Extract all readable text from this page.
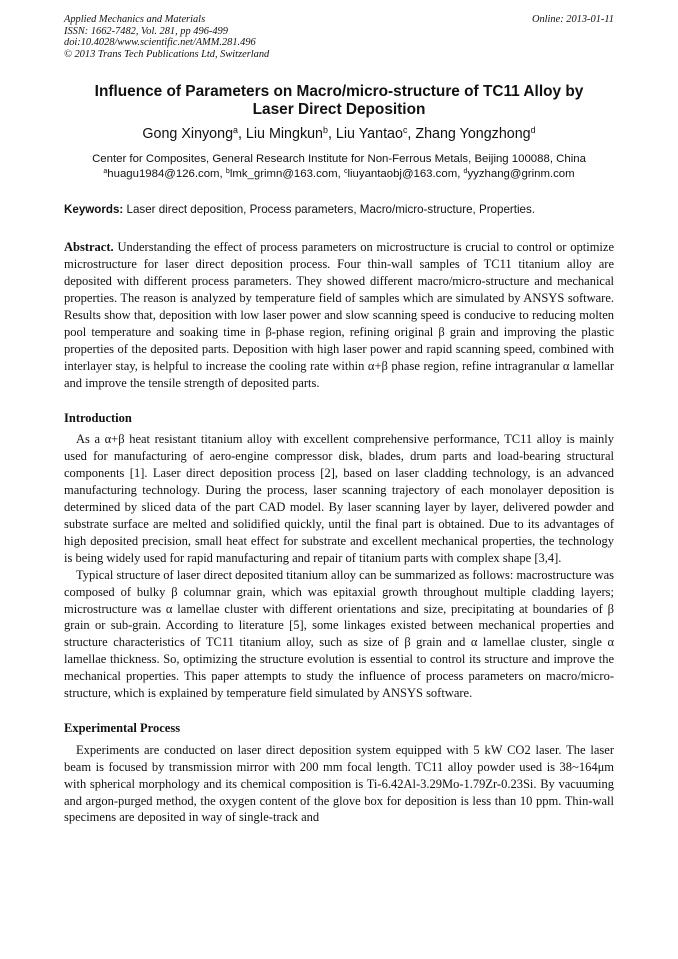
Applied Mechanics and Materials
ISSN: 1662-7482, Vol. 281, pp 496-499
doi:10.4028/www.scientific.net/AMM.281.496
© 2013 Trans Tech Publications Ltd, Switzerland
Online: 2013-01-11
Influence of Parameters on Macro/micro-structure of TC11 Alloy by
Laser Direct Deposition
Gong Xinyong$^a$, Liu Mingkun$^b$, Liu Yantao$^c$, Zhang Yongzhong$^d$
Center for Composites, General Research Institute for Non-Ferrous Metals, Beijing 100088, China
$^a$huagu1984@126.com, $^b$lmk_grimn@163.com, $^c$liuyantaobj@163.com, $^d$yyzhang@grinm.com
Keywords: Laser direct deposition, Process parameters, Macro/micro-structure, Properties.

Abstract. Understanding the effect of process parameters on microstructure is crucial to control or optimize microstructure for laser direct deposition process. Four thin-wall samples of TC11 titanium alloy are deposited with different process parameters. They showed different macro/micro-structure and mechanical properties. The reason is analyzed by temperature field of samples which are simulated by ANSYS software. Results show that, deposition with low laser power and slow scanning speed is conducive to reducing molten pool temperature and soaking time in β-phase region, refining original β grain and improving the plastic properties of the deposited parts. Deposition with high laser power and rapid scanning speed, combined with interlayer stay, is helpful to increase the cooling rate within α+β phase region, refine intragranular α lamellar and improve the tensile strength of deposited parts.

Introduction

As a α+β heat resistant titanium alloy with excellent comprehensive performance, TC11 alloy is mainly used for manufacturing of aero-engine compressor disk, blades, drum parts and load-bearing structural components [1]. Laser direct deposition process [2], based on laser cladding technology, is an advanced manufacturing technology. During the process, laser scanning trajectory of each monolayer deposition is determined by sliced data of the part CAD model. By laser scanning layer by layer, delivered powder and substrate surface are melted and solidified quickly, until the final part is obtained. Due to its advantages of high deposited precision, small heat effect for substrate and excellent mechanical properties, the technology is being widely used for rapid manufacturing and repair of titanium parts with complex shape [3,4].

Typical structure of laser direct deposited titanium alloy can be summarized as follows: macrostructure was composed of bulky β columnar grain, which was epitaxial growth throughout multiple cladding layers; microstructure was α lamellae cluster with different orientations and size, precipitating at boundaries of β grain or sub-grain. According to literature [5], some linkages existed between mechanical properties and structure characteristics of TC11 titanium alloy, such as size of β grain and α lamellae cluster, single α lamellae thickness. So, optimizing the structure evolution is essential to control its structure and improve the mechanical properties. This paper attempts to study the influence of process parameters on macro/micro-structure, which is explained by temperature field simulated by ANSYS software.

Experimental Process

Experiments are conducted on laser direct deposition system equipped with 5 kW CO2 laser. The laser beam is focused by transmission mirror with 200 mm focal length. TC11 alloy powder used is 38~164μm with spherical morphology and its chemical composition is Ti-6.42Al-3.29Mo-1.79Zr-0.23Si. By vacuuming and argon-purged method, the oxygen content of the glove box for deposition is less than 10 ppm. Thin-wall specimens are deposited in way of single-track and
